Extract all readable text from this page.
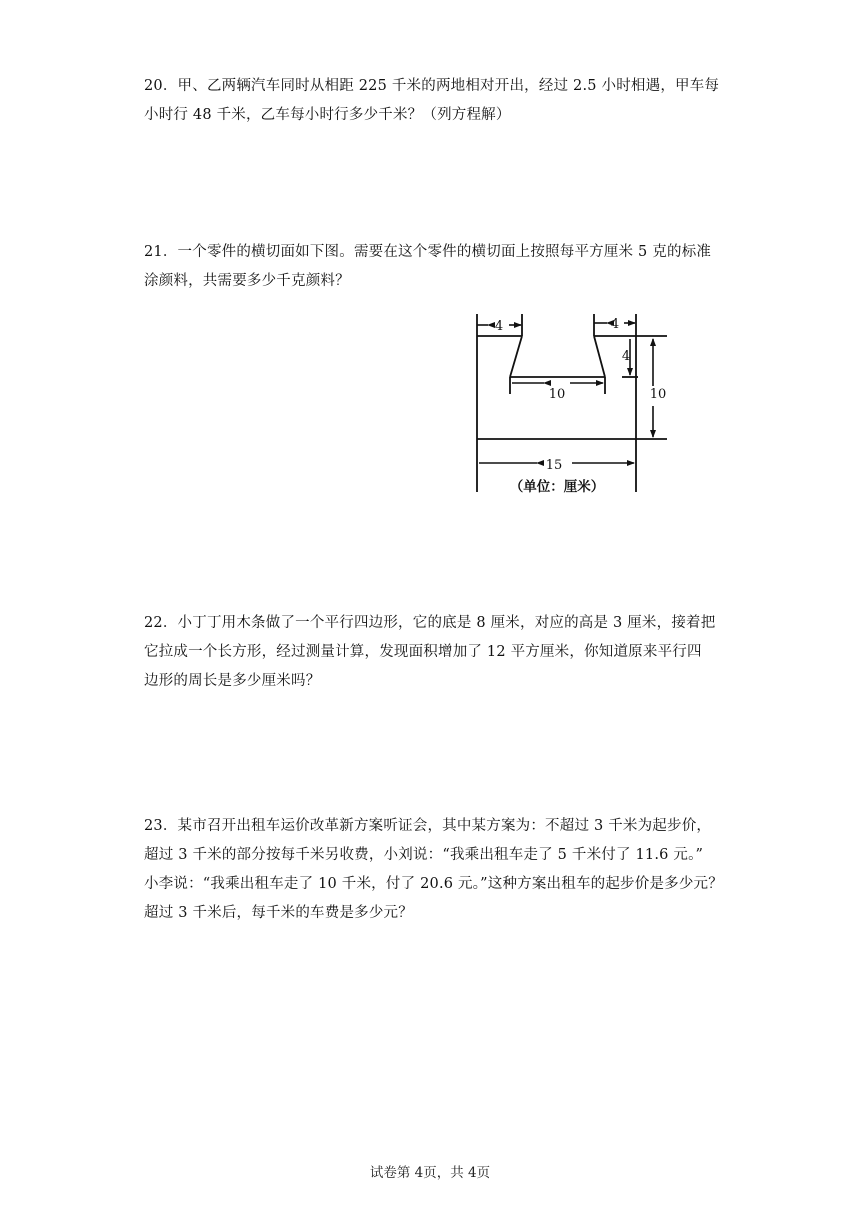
20．甲、乙两辆汽车同时从相距 225 千米的两地相对开出，经过 2.5 小时相遇，甲车每
小时行 48 千米，乙车每小时行多少千米？（列方程解）
21．一个零件的横切面如下图。需要在这个零件的横切面上按照每平方厘米 5 克的标准
涂颜料，共需要多少千克颜料？
4	4
4
10	10
15
（单位：厘米）
22．小丁丁用木条做了一个平行四边形，它的底是 8 厘米，对应的高是 3 厘米，接着把
它拉成一个长方形，经过测量计算，发现面积增加了 12 平方厘米，你知道原来平行四
边形的周长是多少厘米吗？
23．某市召开出租车运价改革新方案听证会，其中某方案为：不超过 3 千米为起步价，
超过 3 千米的部分按每千米另收费，小刘说：“我乘出租车走了 5 千米付了 11.6 元。”
小李说：“我乘出租车走了 10 千米，付了 20.6 元。”这种方案出租车的起步价是多少元？
超过 3 千米后，每千米的车费是多少元？
试卷第 4页，共 4页
